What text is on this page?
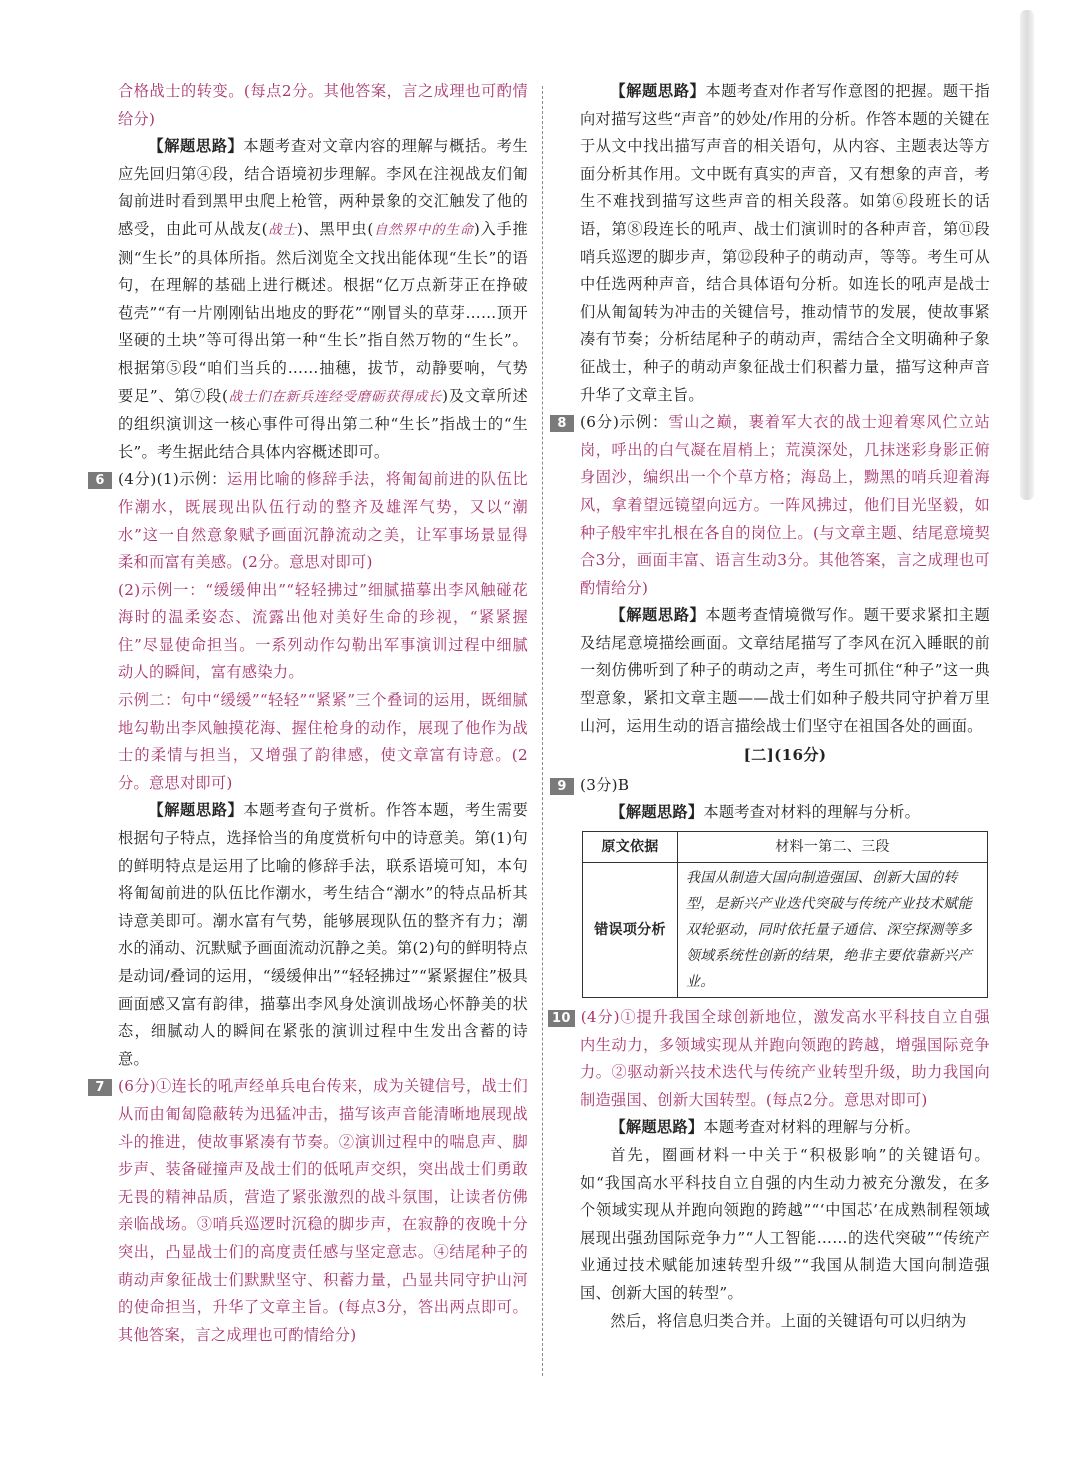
合格战士的转变。(每点2分。其他答案，言之成理也可酌情给分)

【解题思路】本题考查对文章内容的理解与概括。考生应先回归第④段，结合语境初步理解。李风在注视战友们匍匐前进时看到黑甲虫爬上枪管，两种景象的交汇触发了他的感受，由此可从战友(战士)、黑甲虫(自然界中的生命)入手推测“生长”的具体所指。然后浏览全文找出能体现“生长”的语句，在理解的基础上进行概述。根据“亿万点新芽正在挣破苞壳”“有一片刚刚钻出地皮的野花”“刚冒头的草芽……顶开坚硬的土块”等可得出第一种“生长”指自然万物的“生长”。根据第⑤段“咱们当兵的……抽穗，拔节，动静要响，气势要足”、第⑦段(战士们在新兵连经受磨砺获得成长)及文章所述的组织演训这一核心事件可得出第二种“生长”指战士的“生长”。考生据此结合具体内容概述即可。

6 (4分)(1)示例：运用比喻的修辞手法，将匍匐前进的队伍比作潮水，既展现出队伍行动的整齐及雄浑气势，又以“潮水”这一自然意象赋予画面沉静流动之美，让军事场景显得柔和而富有美感。(2分。意思对即可)

(2)示例一：“缓缓伸出”“轻轻拂过”细腻描摹出李风触碰花海时的温柔姿态、流露出他对美好生命的珍视，“紧紧握住”尽显使命担当。一系列动作勾勒出军事演训过程中细腻动人的瞬间，富有感染力。

示例二：句中“缓缓”“轻轻”“紧紧”三个叠词的运用，既细腻地勾勒出李风触摸花海、握住枪身的动作，展现了他作为战士的柔情与担当，又增强了韵律感，使文章富有诗意。(2分。意思对即可)

【解题思路】本题考查句子赏析。作答本题，考生需要根据句子特点，选择恰当的角度赏析句中的诗意美。第(1)句的鲜明特点是运用了比喻的修辞手法，联系语境可知，本句将匍匐前进的队伍比作潮水，考生结合“潮水”的特点品析其诗意美即可。潮水富有气势，能够展现队伍的整齐有力；潮水的涌动、沉默赋予画面流动沉静之美。第(2)句的鲜明特点是动词/叠词的运用，“缓缓伸出”“轻轻拂过”“紧紧握住”极具画面感又富有韵律，描摹出李风身处演训战场心怀静美的状态，细腻动人的瞬间在紧张的演训过程中生发出含蓄的诗意。

7 (6分)①连长的吼声经单兵电台传来，成为关键信号，战士们从而由匍匐隐蔽转为迅猛冲击，描写该声音能清晰地展现战斗的推进，使故事紧凑有节奏。②演训过程中的喘息声、脚步声、装备碰撞声及战士们的低吼声交织，突出战士们勇敢无畏的精神品质，营造了紧张激烈的战斗氛围，让读者仿佛亲临战场。③哨兵巡逻时沉稳的脚步声，在寂静的夜晚十分突出，凸显战士们的高度责任感与坚定意志。④结尾种子的萌动声象征战士们默默坚守、积蓄力量，凸显共同守护山河的使命担当，升华了文章主旨。(每点3分，答出两点即可。其他答案，言之成理也可酌情给分)

【解题思路】本题考查对作者写作意图的把握。题干指向对描写这些“声音”的妙处/作用的分析。作答本题的关键在于从文中找出描写声音的相关语句，从内容、主题表达等方面分析其作用。文中既有真实的声音，又有想象的声音，考生不难找到描写这些声音的相关段落。如第⑥段班长的话语，第⑧段连长的吼声、战士们演训时的各种声音，第⑪段哨兵巡逻的脚步声，第⑫段种子的萌动声，等等。考生可从中任选两种声音，结合具体语句分析。如连长的吼声是战士们从匍匐转为冲击的关键信号，推动情节的发展，使故事紧凑有节奏；分析结尾种子的萌动声，需结合全文明确种子象征战士，种子的萌动声象征战士们积蓄力量，描写这种声音升华了文章主旨。

8 (6分)示例：雪山之巅，裹着军大衣的战士迎着寒风伫立站岗，呼出的白气凝在眉梢上；荒漠深处，几抹迷彩身影正俯身固沙，编织出一个个草方格；海岛上，黝黑的哨兵迎着海风，拿着望远镜望向远方。一阵风拂过，他们目光坚毅，如种子般牢牢扎根在各自的岗位上。(与文章主题、结尾意境契合3分，画面丰富、语言生动3分。其他答案，言之成理也可酌情给分)

【解题思路】本题考查情境微写作。题干要求紧扣主题及结尾意境描绘画面。文章结尾描写了李风在沉入睡眠的前一刻仿佛听到了种子的萌动之声，考生可抓住“种子”这一典型意象，紧扣文章主题——战士们如种子般共同守护着万里山河，运用生动的语言描绘战士们坚守在祖国各处的画面。

[二](16分)

9 (3分)B

【解题思路】本题考查对材料的理解与分析。

原文依据	材料一第二、三段
错误项分析	我国从制造大国向制造强国、创新大国的转型，是新兴产业迭代突破与传统产业技术赋能双轮驱动，同时依托量子通信、深空探测等多领域系统性创新的结果，绝非主要依靠新兴产业。

10 (4分)①提升我国全球创新地位，激发高水平科技自立自强内生动力，多领域实现从并跑向领跑的跨越，增强国际竞争力。②驱动新兴技术迭代与传统产业转型升级，助力我国向制造强国、创新大国转型。(每点2分。意思对即可)

【解题思路】本题考查对材料的理解与分析。

首先，圈画材料一中关于“积极影响”的关键语句。如“我国高水平科技自立自强的内生动力被充分激发，在多个领域实现从并跑向领跑的跨越”“‘中国芯’在成熟制程领域展现出强劲国际竞争力”“人工智能……的迭代突破”“传统产业通过技术赋能加速转型升级”“我国从制造大国向制造强国、创新大国的转型”。

然后，将信息归类合并。上面的关键语句可以归纳为
